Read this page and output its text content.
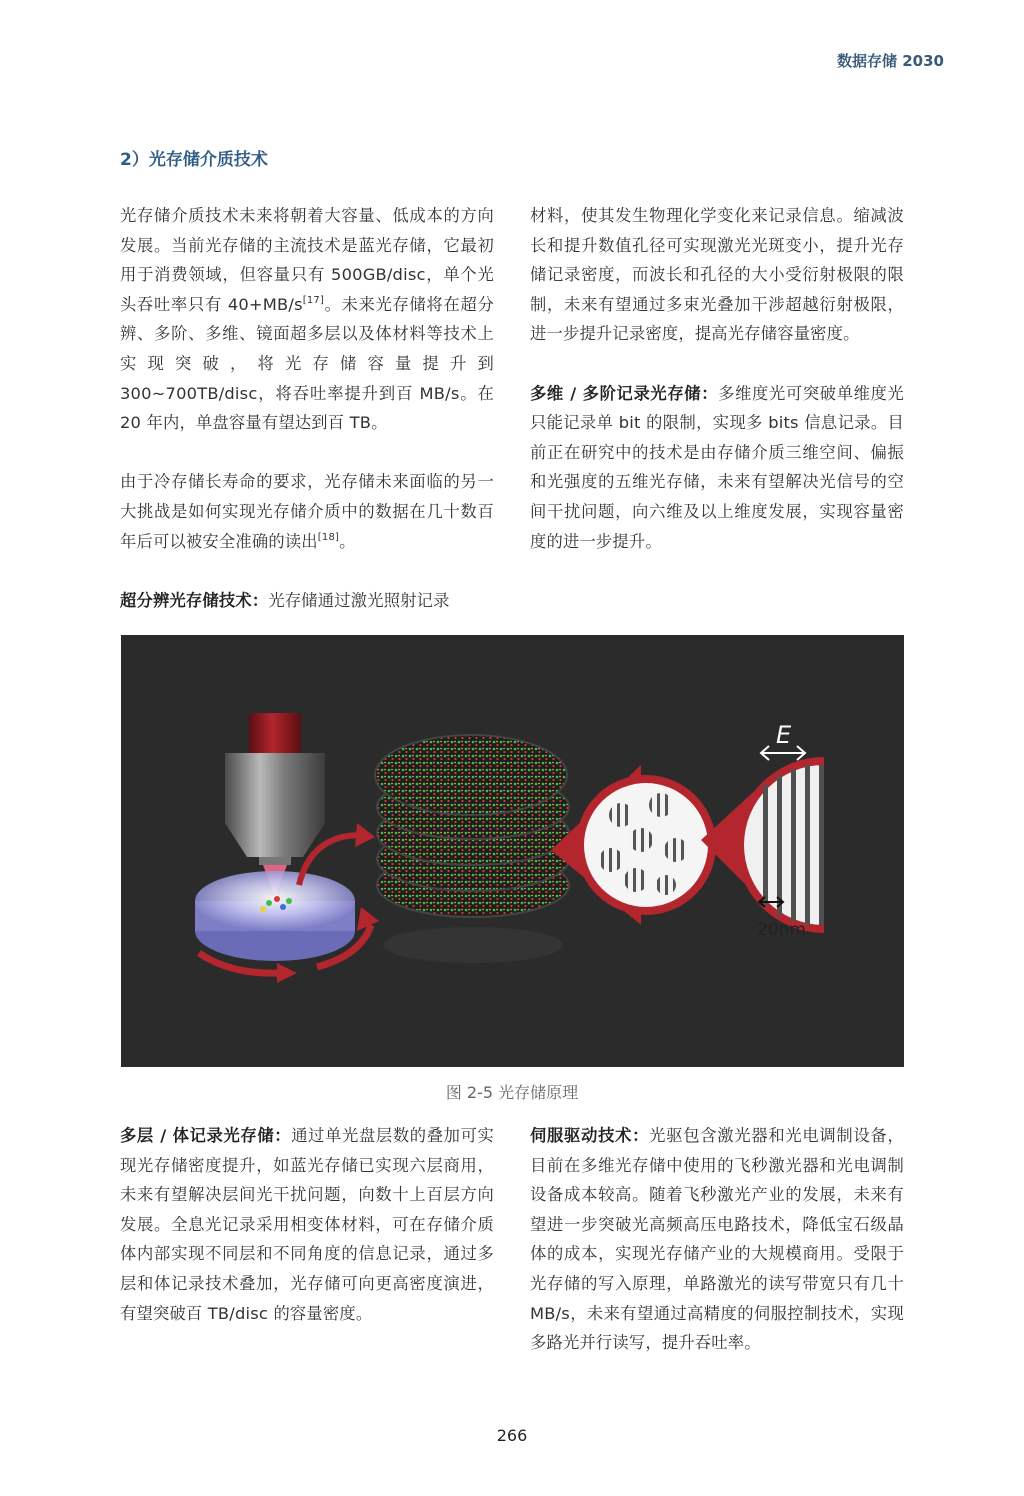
数据存储 2030
2）光存储介质技术

光存储介质技术未来将朝着大容量、低成本的方向发展。当前光存储的主流技术是蓝光存储，它最初用于消费领域，但容量只有 500GB/disc，单个光头吞吐率只有 40+MB/s[17]。未来光存储将在超分辨、多阶、多维、镜面超多层以及体材料等技术上实现突破，将光存储容量提升到 300~700TB/disc，将吞吐率提升到百 MB/s。在 20 年内，单盘容量有望达到百 TB。

由于冷存储长寿命的要求，光存储未来面临的另一大挑战是如何实现光存储介质中的数据在几十数百年后可以被安全准确的读出[18]。

超分辨光存储技术：光存储通过激光照射记录

材料，使其发生物理化学变化来记录信息。缩减波长和提升数值孔径可实现激光光斑变小，提升光存储记录密度，而波长和孔径的大小受衍射极限的限制，未来有望通过多束光叠加干涉超越衍射极限，进一步提升记录密度，提高光存储容量密度。

多维 / 多阶记录光存储：多维度光可突破单维度光只能记录单 bit 的限制，实现多 bits 信息记录。目前正在研究中的技术是由存储介质三维空间、偏振和光强度的五维光存储，未来有望解决光信号的空间干扰问题，向六维及以上维度发展，实现容量密度的进一步提升。

E
20nm
图 2-5 光存储原理

多层 / 体记录光存储：通过单光盘层数的叠加可实现光存储密度提升，如蓝光存储已实现六层商用，未来有望解决层间光干扰问题，向数十上百层方向发展。全息光记录采用相变体材料，可在存储介质体内部实现不同层和不同角度的信息记录，通过多层和体记录技术叠加，光存储可向更高密度演进，有望突破百 TB/disc 的容量密度。

伺服驱动技术：光驱包含激光器和光电调制设备，目前在多维光存储中使用的飞秒激光器和光电调制设备成本较高。随着飞秒激光产业的发展，未来有望进一步突破光高频高压电路技术，降低宝石级晶体的成本，实现光存储产业的大规模商用。受限于光存储的写入原理，单路激光的读写带宽只有几十 MB/s，未来有望通过高精度的伺服控制技术，实现多路光并行读写，提升吞吐率。

266
